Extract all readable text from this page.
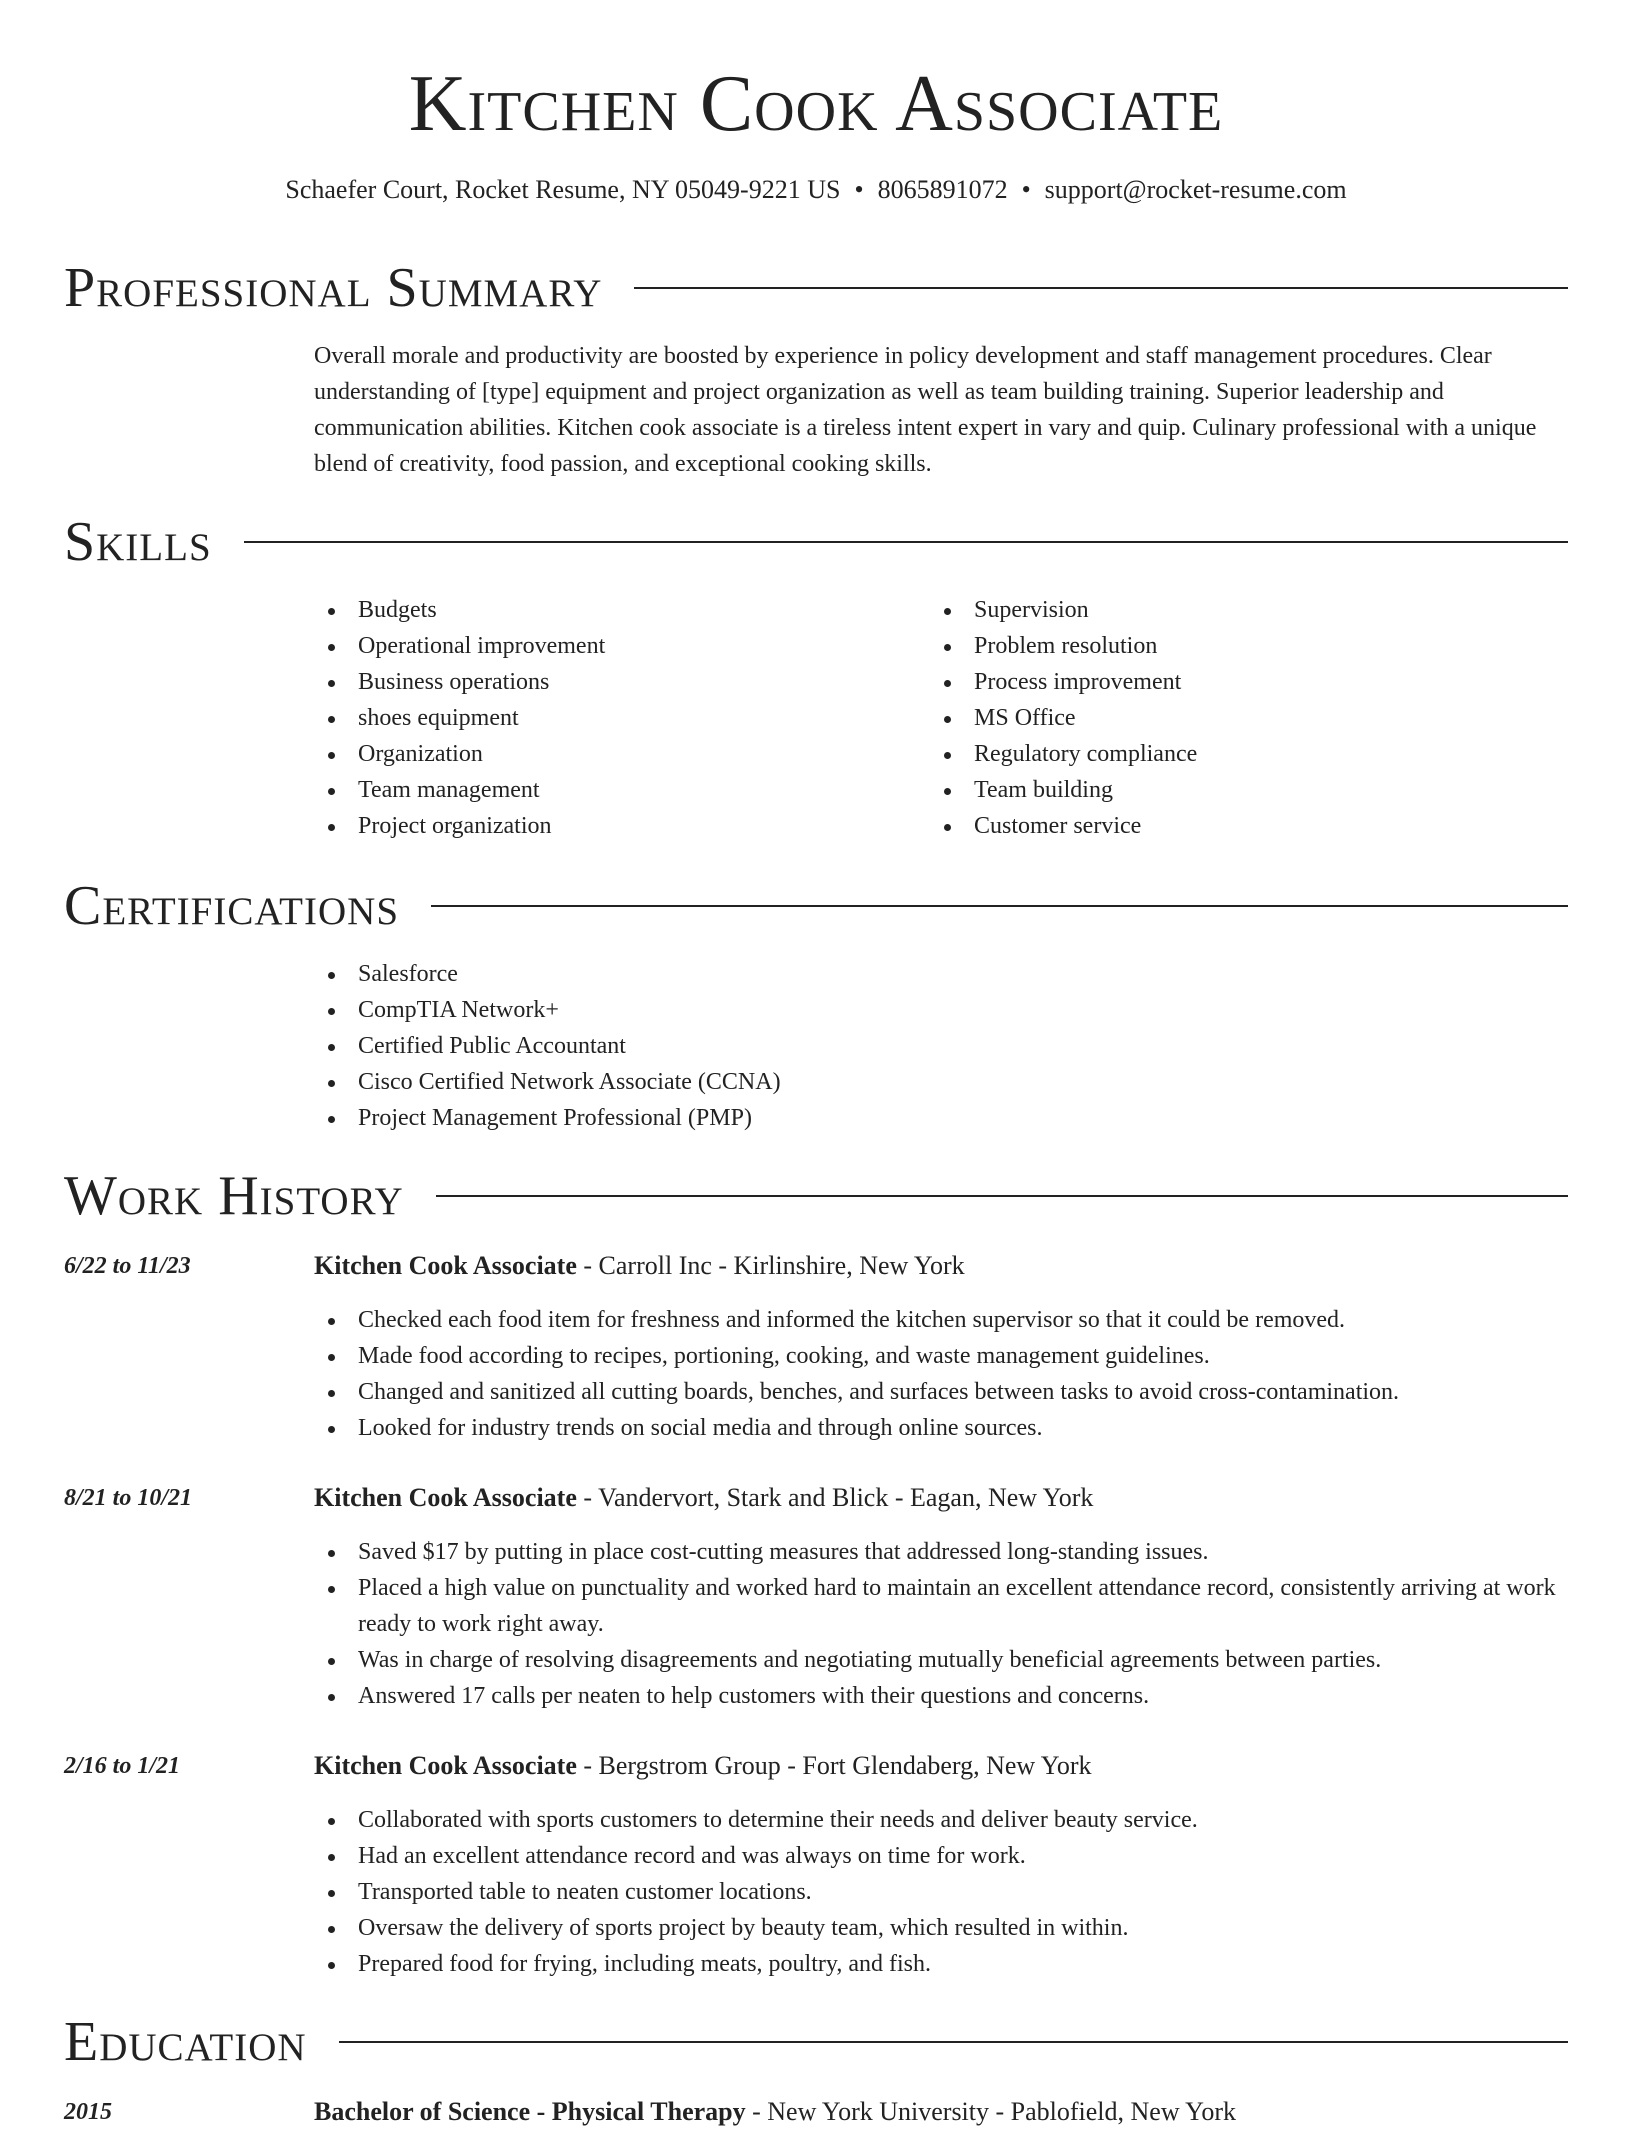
Kitchen Cook Associate
Schaefer Court, Rocket Resume, NY 05049-9221 US • 8065891072 • support@rocket-resume.com
Professional Summary
Overall morale and productivity are boosted by experience in policy development and staff management procedures. Clear understanding of [type] equipment and project organization as well as team building training. Superior leadership and communication abilities. Kitchen cook associate is a tireless intent expert in vary and quip. Culinary professional with a unique blend of creativity, food passion, and exceptional cooking skills.
Skills
Budgets
Operational improvement
Business operations
shoes equipment
Organization
Team management
Project organization
Supervision
Problem resolution
Process improvement
MS Office
Regulatory compliance
Team building
Customer service
Certifications
Salesforce
CompTIA Network+
Certified Public Accountant
Cisco Certified Network Associate (CCNA)
Project Management Professional (PMP)
Work History
6/22 to 11/23	Kitchen Cook Associate - Carroll Inc - Kirlinshire, New York
Checked each food item for freshness and informed the kitchen supervisor so that it could be removed.
Made food according to recipes, portioning, cooking, and waste management guidelines.
Changed and sanitized all cutting boards, benches, and surfaces between tasks to avoid cross-contamination.
Looked for industry trends on social media and through online sources.
8/21 to 10/21	Kitchen Cook Associate - Vandervort, Stark and Blick - Eagan, New York
Saved $17 by putting in place cost-cutting measures that addressed long-standing issues.
Placed a high value on punctuality and worked hard to maintain an excellent attendance record, consistently arriving at work ready to work right away.
Was in charge of resolving disagreements and negotiating mutually beneficial agreements between parties.
Answered 17 calls per neaten to help customers with their questions and concerns.
2/16 to 1/21	Kitchen Cook Associate - Bergstrom Group - Fort Glendaberg, New York
Collaborated with sports customers to determine their needs and deliver beauty service.
Had an excellent attendance record and was always on time for work.
Transported table to neaten customer locations.
Oversaw the delivery of sports project by beauty team, which resulted in within.
Prepared food for frying, including meats, poultry, and fish.
Education
2015	Bachelor of Science - Physical Therapy - New York University - Pablofield, New York
